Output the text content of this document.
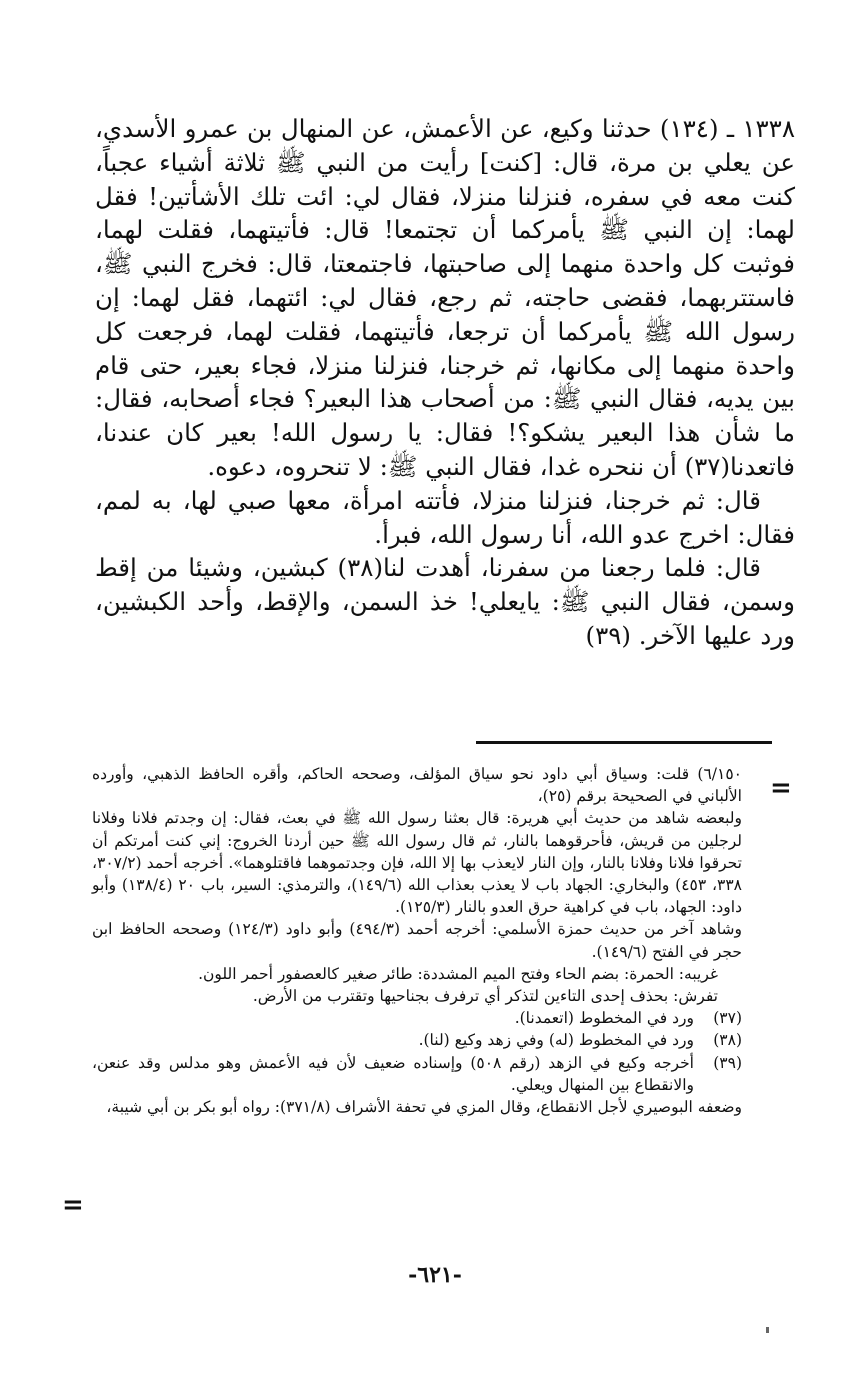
١٣٣٨ ـ (١٣٤) حدثنا وكيع، عن الأعمش، عن المنهال بن عمرو الأسدي، عن يعلي بن مرة، قال: [كنت] رأيت من النبي ﷺ ثلاثة أشياء عجباً، كنت معه في سفره، فنزلنا منزلا، فقال لي: ائت تلك الأشأتين! فقل لهما: إن النبي ﷺ يأمركما أن تجتمعا! قال: فأتيتهما، فقلت لهما، فوثبت كل واحدة منهما إلى صاحبتها، فاجتمعتا، قال: فخرج النبي ﷺ، فاستتربهما، فقضى حاجته، ثم رجع، فقال لي: ائتهما، فقل لهما: إن رسول الله ﷺ يأمركما أن ترجعا، فأتيتهما، فقلت لهما، فرجعت كل واحدة منهما إلى مكانها، ثم خرجنا، فنزلنا منزلا، فجاء بعير، حتى قام بين يديه، فقال النبي ﷺ: من أصحاب هذا البعير؟ فجاء أصحابه، فقال: ما شأن هذا البعير يشكو؟! فقال: يا رسول الله! بعير كان عندنا، فاتعدنا(٣٧) أن ننحره غدا، فقال النبي ﷺ: لا تنحروه، دعوه.

قال: ثم خرجنا، فنزلنا منزلا، فأتته امرأة، معها صبي لها، به لمم، فقال: اخرج عدو الله، أنا رسول الله، فبرأ.

قال: فلما رجعنا من سفرنا، أهدت لنا(٣٨) كبشين، وشيئا من إقط وسمن، فقال النبي ﷺ: يايعلي! خذ السمن، والإقط، وأحد الكبشين، ورد عليها الآخر. (٣٩)

=

٦/١٥٠) قلت: وسياق أبي داود نحو سياق المؤلف، وصححه الحاكم، وأقره الحافظ الذهبي، وأورده الألباني في الصحيحة برقم (٢٥)،

ولبعضه شاهد من حديث أبي هريرة: قال بعثنا رسول الله ﷺ في بعث، فقال: إن وجدتم فلانا وفلانا لرجلين من قريش، فأحرقوهما بالنار، ثم قال رسول الله ﷺ حين أردنا الخروج: إني كنت أمرتكم أن تحرقوا فلانا وفلانا بالنار، وإن النار لايعذب بها إلا الله، فإن وجدتموهما فاقتلوهما». أخرجه أحمد (٣٠٧/٢، ٣٣٨، ٤٥٣) والبخاري: الجهاد باب لا يعذب بعذاب الله (١٤٩/٦)، والترمذي: السير، باب ٢٠ (١٣٨/٤) وأبو داود: الجهاد، باب في كراهية حرق العدو بالنار (١٢٥/٣).

وشاهد آخر من حديث حمزة الأسلمي: أخرجه أحمد (٤٩٤/٣) وأبو داود (١٢٤/٣) وصححه الحافظ ابن حجر في الفتح (١٤٩/٦).

غريبه: الحمرة: بضم الحاء وفتح الميم المشددة: طائر صغير كالعصفور أحمر اللون.

تفرش: بحذف إحدى التاءين لتذكر أي ترفرف بجناحيها وتقترب من الأرض.

(٣٧)
ورد في المخطوط (اتعمدنا).
(٣٨)
ورد في المخطوط (له) وفي زهد وكيع (لنا).
(٣٩)
أخرجه وكيع في الزهد (رقم ٥٠٨) وإسناده ضعيف لأن فيه الأعمش وهو مدلس وقد عنعن، والانقطاع بين المنهال ويعلي.

وضعفه البوصيري لأجل الانقطاع، وقال المزي في تحفة الأشراف (٣٧١/٨): رواه أبو بكر بن أبي شيبة،

=
-٦٢١-
